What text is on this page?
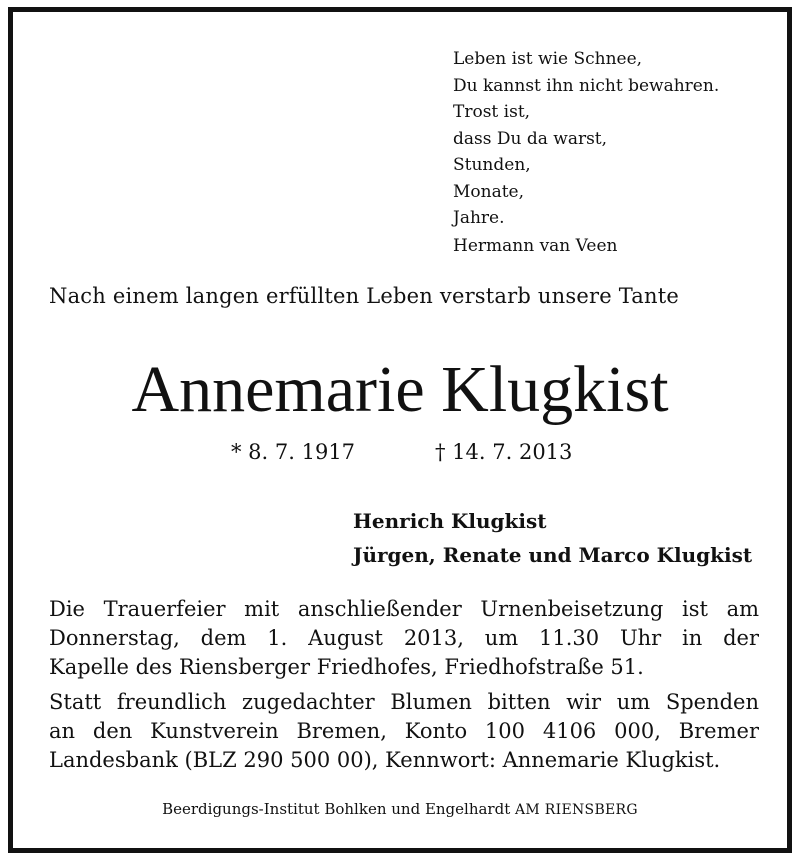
Leben ist wie Schnee,
Du kannst ihn nicht bewahren.
Trost ist,
dass Du da warst,
Stunden,
Monate,
Jahre.
Hermann van Veen
Nach einem langen erfüllten Leben verstarb unsere Tante
Annemarie Klugkist
* 8. 7. 1917	† 14. 7. 2013
Henrich Klugkist
Jürgen, Renate und Marco Klugkist
Die Trauerfeier mit anschließender Urnenbeisetzung ist am
Donnerstag, dem 1. August 2013, um 11.30 Uhr in der
Kapelle des Riensberger Friedhofes, Friedhofstraße 51.
Statt freundlich zugedachter Blumen bitten wir um Spenden
an den Kunstverein Bremen, Konto 100 4106 000, Bremer
Landesbank (BLZ 290 500 00), Kennwort: Annemarie Klugkist.
Beerdigungs-Institut Bohlken und Engelhardt AM RIENSBERG
